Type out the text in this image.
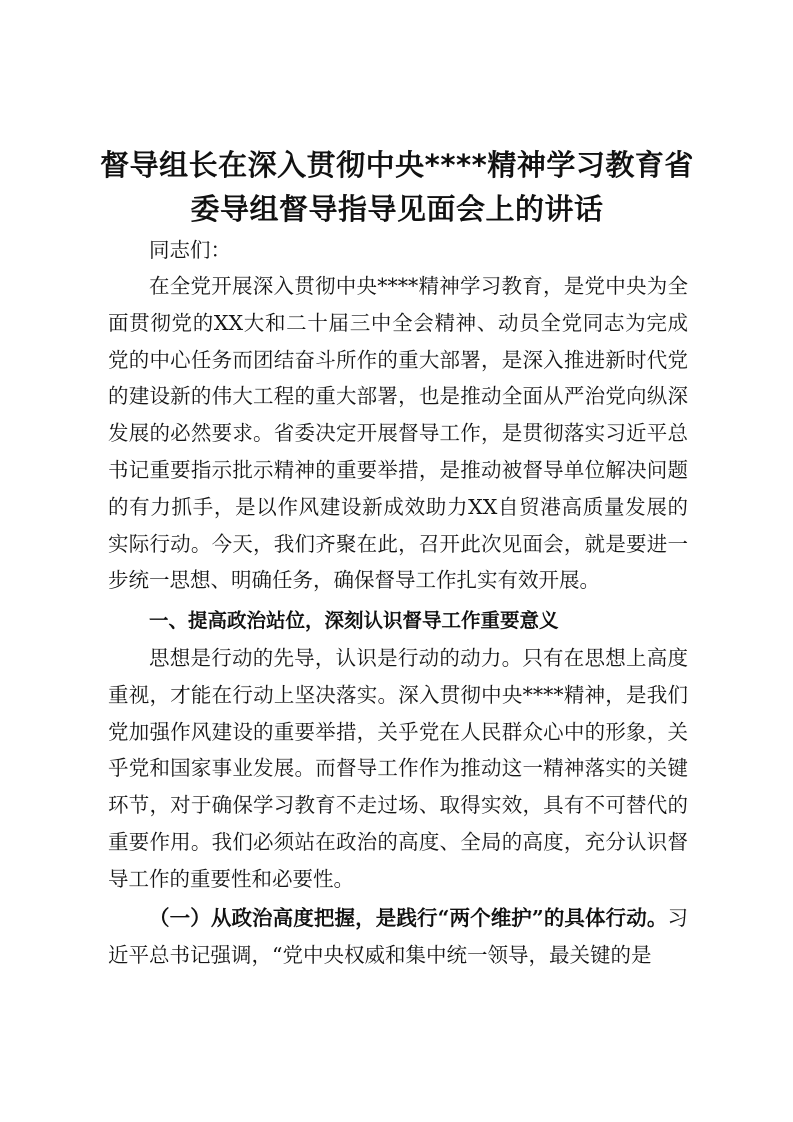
督导组长在深入贯彻中央****精神学习教育省
委导组督导指导见面会上的讲话

同志们：

在全党开展深入贯彻中央****精神学习教育，是党中央为全面贯彻党的XX大和二十届三中全会精神、动员全党同志为完成党的中心任务而团结奋斗所作的重大部署，是深入推进新时代党的建设新的伟大工程的重大部署，也是推动全面从严治党向纵深发展的必然要求。省委决定开展督导工作，是贯彻落实习近平总书记重要指示批示精神的重要举措，是推动被督导单位解决问题的有力抓手，是以作风建设新成效助力XX自贸港高质量发展的实际行动。今天，我们齐聚在此，召开此次见面会，就是要进一步统一思想、明确任务，确保督导工作扎实有效开展。

一、提高政治站位，深刻认识督导工作重要意义

思想是行动的先导，认识是行动的动力。只有在思想上高度重视，才能在行动上坚决落实。深入贯彻中央****精神，是我们党加强作风建设的重要举措，关乎党在人民群众心中的形象，关乎党和国家事业发展。而督导工作作为推动这一精神落实的关键环节，对于确保学习教育不走过场、取得实效，具有不可替代的重要作用。我们必须站在政治的高度、全局的高度，充分认识督导工作的重要性和必要性。

（一）从政治高度把握，是践行“两个维护”的具体行动。习近平总书记强调，“党中央权威和集中统一领导，最关键的是
